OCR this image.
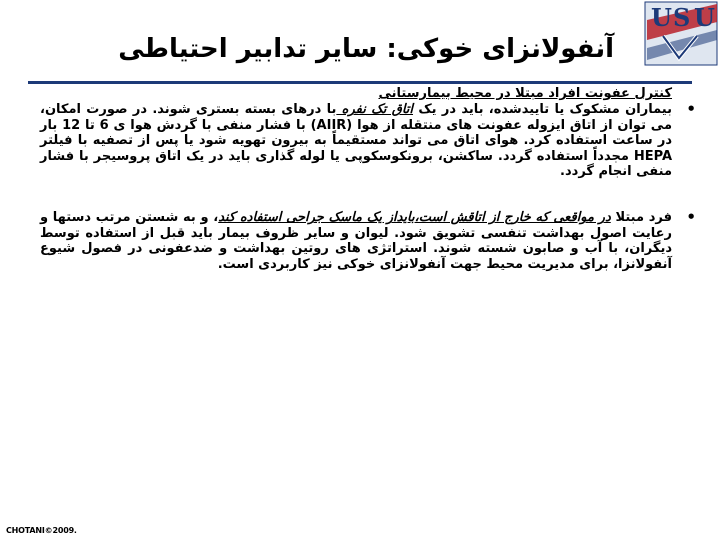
U S U
آنفولانزای خوکی: سایر تدابیر احتیاطی
کنترل عفونت افراد مبتلا در محیط بیمارستانی
• بیماران مشکوک یا تاییدشده، باید در یک اتاق تک نفره با درهای بسته بستری شوند. در صورت امکان، می توان از اتاق ایزوله عفونت های منتقله از هوا (AIIR) با فشار منفی با گردش هوا ی 6 تا 12 بار در ساعت استفاده کرد. هوای اتاق می تواند مستقیماً به بیرون تهویه شود یا پس از تصفیه با فیلتر HEPA مجدداً استفاده گردد. ساکشن، برونکوسکوپی یا لوله گذاری باید در یک اتاق پروسیجر با فشار منفی انجام گردد.
• فرد مبتلا در مواقعی که خارج از اتاقش است،بایداز یک ماسک جراحی استفاده کند، و به شستن مرتب دستها و رعایت اصول بهداشت تنفسی تشویق شود. لیوان و سایر ظروف بیمار باید قبل از استفاده توسط دیگران، با آب و صابون شسته شوند. استراتژی های روتین بهداشت و ضدعفونی در فصول شیوع آنفولانزا، برای مدیریت محیط جهت آنفولانزای خوکی نیز کاربردی است.
CHOTANI©2009.
